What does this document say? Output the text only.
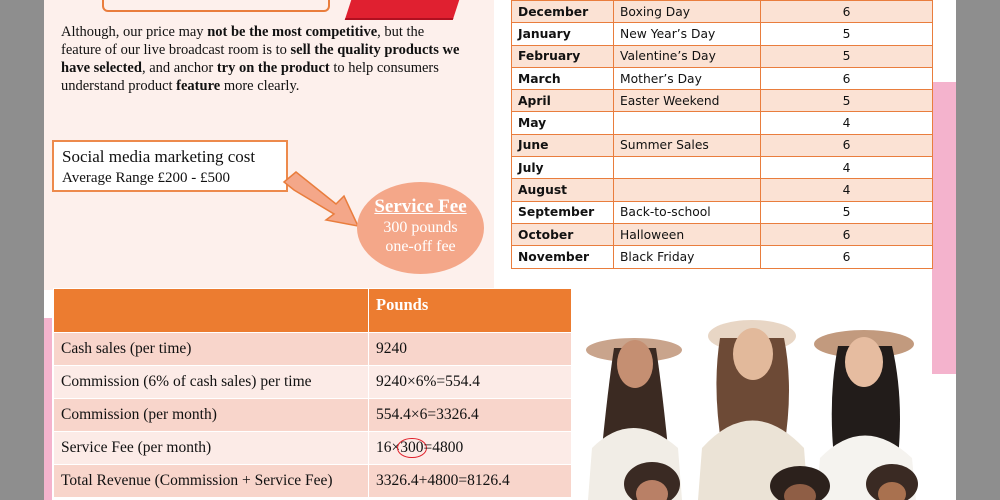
Although, our price may not be the most competitive, but the feature of our live broadcast room is to sell the quality products we have selected, and anchor try on the product to help consumers understand product feature more clearly.
Social media marketing cost
Average Range £200 - £500
Service Fee
300 pounds
one-off fee
December	Boxing Day	6
January	New Year’s Day	5
February	Valentine’s Day	5
March	Mother’s Day	6
April	Easter Weekend	5
May		4
June	Summer Sales	6
July		4
August		4
September	Back-to-school	5
October	Halloween	6
November	Black Friday	6
	Pounds
Cash sales (per time)	9240
Commission (6% of cash sales) per time	9240×6%=554.4
Commission (per month)	554.4×6=3326.4
Service Fee (per month)	16×300=4800
Total Revenue (Commission + Service Fee)	3326.4+4800=8126.4
